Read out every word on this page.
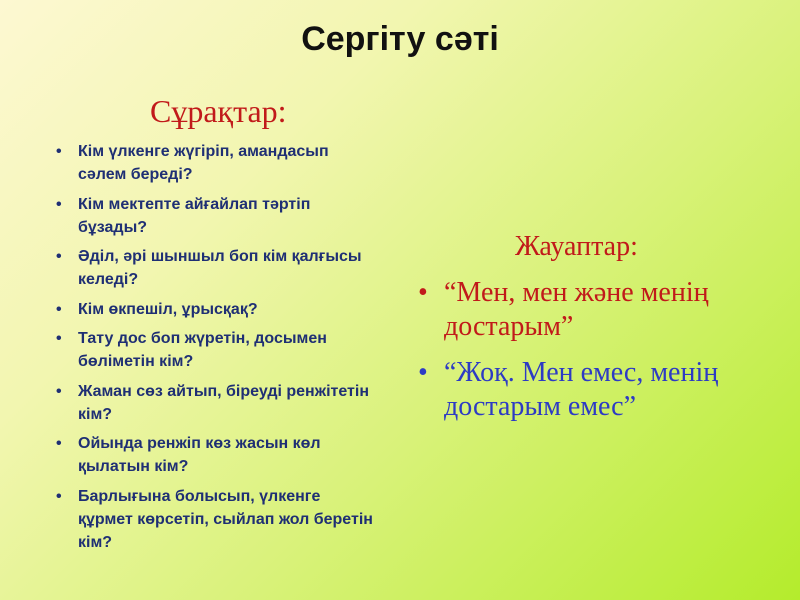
Сергіту сәті
Сұрақтар:
• Кім үлкенге жүгіріп, амандасып сәлем береді?
• Кім мектепте айғайлап тәртіп бұзады?
• Әділ, әрі шыншыл боп кім қалғысы келеді?
• Кім өкпешіл, ұрысқақ?
• Тату дос боп жүретін, досымен бөліметін кім?
• Жаман сөз айтып, біреуді ренжітетін кім?
• Ойында ренжіп көз жасын көл қылатын кім?
• Барлығына болысып, үлкенге құрмет көрсетіп, сыйлап жол беретін кім?
Жауаптар:
• “Мен, мен және менің достарым”
• “Жоқ. Мен емес, менің достарым емес”
